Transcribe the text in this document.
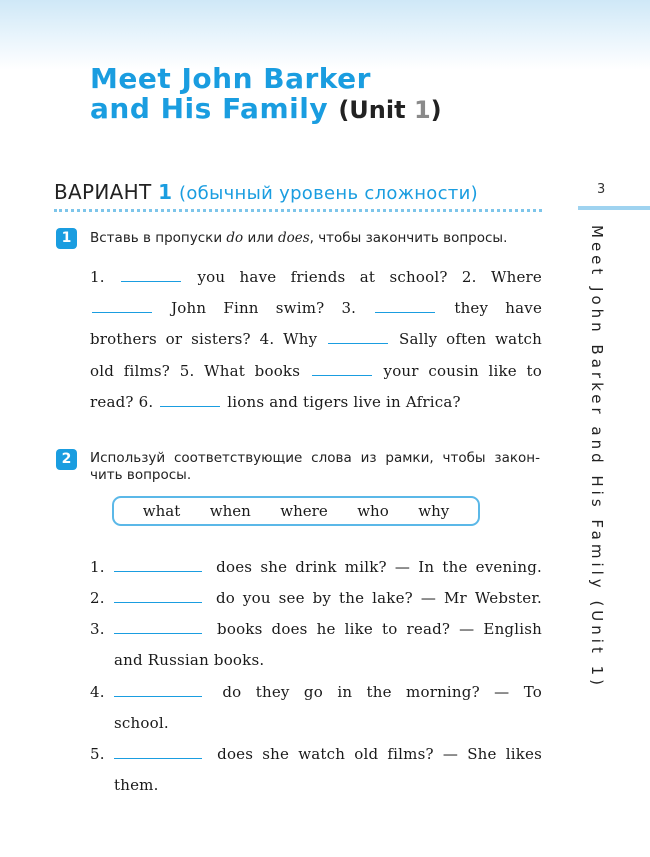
Meet John Barker
and His Family (Unit 1)
ВАРИАНТ 1 (обычный уровень сложности)	3
Meet John Barker and His Family (Unit 1)
1	Вставь в пропуски do или does, чтобы закончить вопросы.
1.	you have friends at school? 2. Where
John Finn swim? 3.	they have
brothers or sisters? 4. Why	Sally often watch
old films? 5. What books	your cousin like to
read? 6.	lions and tigers live in Africa?
2	Используй соответствующие слова из рамки, чтобы закон-
чить вопросы.
what when where who why
1.	does she drink milk? — In the evening.
2.	do you see by the lake? — Mr Webster.
3.	books does he like to read? — English
and Russian books.
4.	do they go in the morning? — To
school.
5.	does she watch old films? — She likes
them.
